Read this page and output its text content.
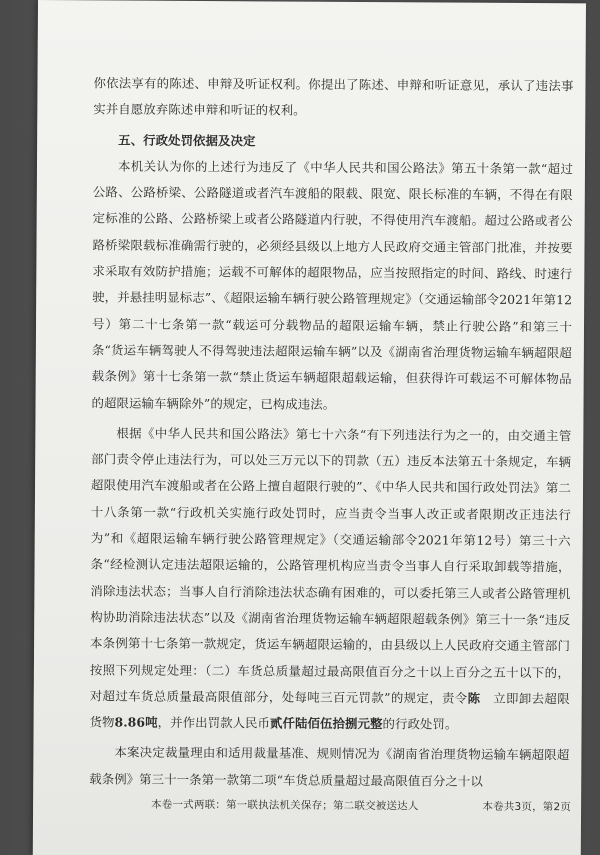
你依法享有的陈述、申辩及听证权利。你提出了陈述、申辩和听证意见，承认了违法事实并自愿放弃陈述申辩和听证的权利。

五、行政处罚依据及决定

本机关认为你的上述行为违反了《中华人民共和国公路法》第五十条第一款“超过公路、公路桥梁、公路隧道或者汽车渡船的限载、限宽、限长标准的车辆，不得在有限定标准的公路、公路桥梁上或者公路隧道内行驶，不得使用汽车渡船。超过公路或者公路桥梁限载标准确需行驶的，必须经县级以上地方人民政府交通主管部门批准，并按要求采取有效防护措施；运载不可解体的超限物品，应当按照指定的时间、路线、时速行驶，并悬挂明显标志”、《超限运输车辆行驶公路管理规定》（交通运输部令2021年第12号）第二十七条第一款“载运可分载物品的超限运输车辆，禁止行驶公路”和第三十条“货运车辆驾驶人不得驾驶违法超限运输车辆”以及《湖南省治理货物运输车辆超限超载条例》第十七条第一款“禁止货运车辆超限超载运输，但获得许可载运不可解体物品的超限运输车辆除外”的规定，已构成违法。

根据《中华人民共和国公路法》第七十六条“有下列违法行为之一的，由交通主管部门责令停止违法行为，可以处三万元以下的罚款（五）违反本法第五十条规定，车辆超限使用汽车渡船或者在公路上擅自超限行驶的”、《中华人民共和国行政处罚法》第二十八条第一款“行政机关实施行政处罚时，应当责令当事人改正或者限期改正违法行为”和《超限运输车辆行驶公路管理规定》（交通运输部令2021年第12号）第三十六条“经检测认定违法超限运输的，公路管理机构应当责令当事人自行采取卸载等措施，消除违法状态；当事人自行消除违法状态确有困难的，可以委托第三人或者公路管理机构协助消除违法状态”以及《湖南省治理货物运输车辆超限超载条例》第三十一条“违反本条例第十七条第一款规定，货运车辆超限运输的，由县级以上人民政府交通主管部门按照下列规定处理：（二）车货总质量超过最高限值百分之十以上百分之五十以下的，对超过车货总质量最高限值部分，处每吨三百元罚款”的规定，责令陈　 立即卸去超限货物8.86吨，并作出罚款人民币贰仟陆佰伍拾捌元整的行政处罚。

本案决定裁量理由和适用裁量基准、规则情况为《湖南省治理货物运输车辆超限超载条例》第三十一条第一款第二项“车货总质量超过最高限值百分之十以

本卷一式两联：第一联执法机关保存；第二联交被送达人	本卷共3页，第2页
